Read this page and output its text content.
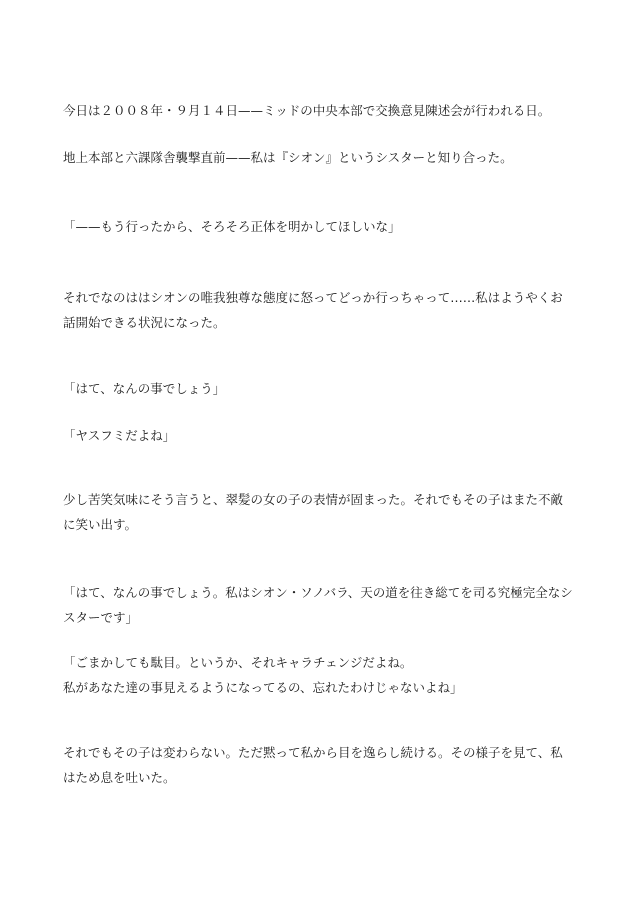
今日は２００８年・９月１４日——ミッドの中央本部で交換意見陳述会が行われる日。

地上本部と六課隊舎襲撃直前——私は『シオン』というシスターと知り合った。

「——もう行ったから、そろそろ正体を明かしてほしいな」

それでなのははシオンの唯我独尊な態度に怒ってどっか行っちゃって……私はようやくお話開始できる状況になった。

「はて、なんの事でしょう」

「ヤスフミだよね」

少し苦笑気味にそう言うと、翠髪の女の子の表情が固まった。それでもその子はまた不敵に笑い出す。

「はて、なんの事でしょう。私はシオン・ソノバラ、天の道を往き総てを司る究極完全なシスターです」

「ごまかしても駄目。というか、それキャラチェンジだよね。
私があなた達の事見えるようになってるの、忘れたわけじゃないよね」

それでもその子は変わらない。ただ黙って私から目を逸らし続ける。その様子を見て、私はため息を吐いた。
